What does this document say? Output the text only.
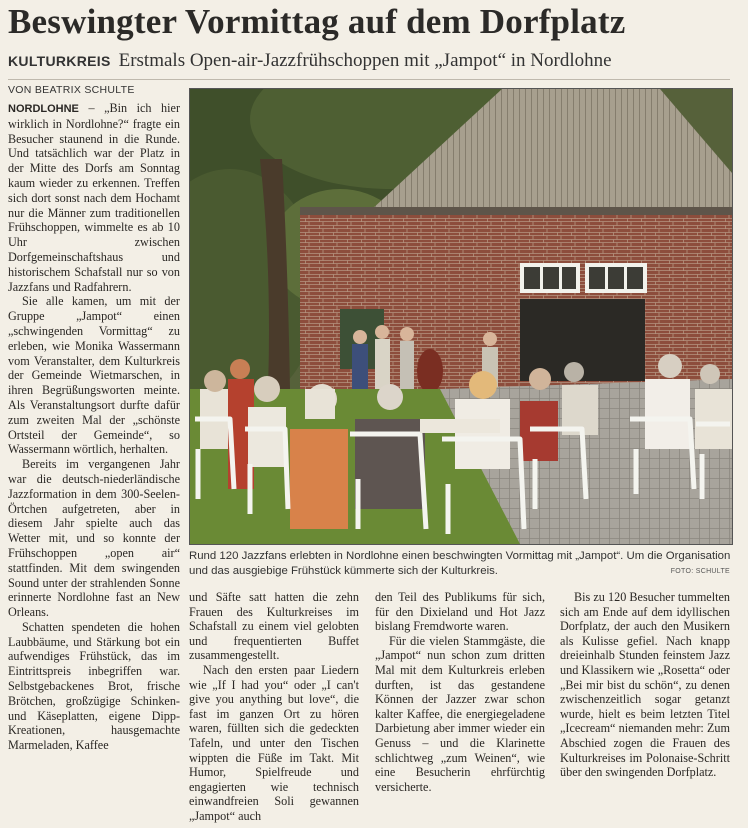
Beswingter Vormittag auf dem Dorfplatz
KULTURKREIS Erstmals Open-air-Jazzfrühschoppen mit „Jampot“ in Nordlohne
VON BEATRIX SCHULTE

NORDLOHNE – „Bin ich hier wirklich in Nordlohne?“ fragte ein Besucher staunend in die Runde. Und tatsächlich war der Platz in der Mitte des Dorfs am Sonntag kaum wieder zu erkennen. Treffen sich dort sonst nach dem Hochamt nur die Männer zum traditionellen Frühschoppen, wimmelte es ab 10 Uhr zwischen Dorfgemeinschaftshaus und historischem Schafstall nur so von Jazzfans und Radfahrern.

Sie alle kamen, um mit der Gruppe „Jampot“ einen „schwingenden Vormittag“ zu erleben, wie Monika Wassermann vom Veranstalter, dem Kulturkreis der Gemeinde Wietmarschen, in ihren Begrüßungsworten meinte. Als Veranstaltungsort durfte dafür zum zweiten Mal der „schönste Ortsteil der Gemeinde“, so Wassermann wörtlich, herhalten.

Bereits im vergangenen Jahr war die deutsch-niederländische Jazzformation in dem 300-Seelen-Örtchen aufgetreten, aber in diesem Jahr spielte auch das Wetter mit, und so konnte der Frühschoppen „open air“ stattfinden. Mit dem swingenden Sound unter der strahlenden Sonne erinnerte Nordlohne fast an New Orleans.

Schatten spendeten die hohen Laubbäume, und Stärkung bot ein aufwendiges Frühstück, das im Eintrittspreis inbegriffen war. Selbstgebackenes Brot, frische Brötchen, großzügige Schinken- und Käseplatten, eigene Dipp-Kreationen, hausgemachte Marmeladen, Kaffee

Rund 120 Jazzfans erlebten in Nordlohne einen beschwingten Vormittag mit „Jampot“. Um die Organisation und das ausgiebige Frühstück kümmerte sich der Kulturkreis.	FOTO: SCHULTE

und Säfte satt hatten die zehn Frauen des Kulturkreises im Schafstall zu einem viel gelobten und frequentierten Buffet zusammengestellt.

Nach den ersten paar Liedern wie „If I had you“ oder „I can't give you anything but love“, die fast im ganzen Ort zu hören waren, füllten sich die gedeckten Tafeln, und unter den Tischen wippten die Füße im Takt. Mit Humor, Spielfreude und engagierten wie technisch einwandfreien Soli gewannen „Jampot“ auch

den Teil des Publikums für sich, für den Dixieland und Hot Jazz bislang Fremdworte waren.

Für die vielen Stammgäste, die „Jampot“ nun schon zum dritten Mal mit dem Kulturkreis erleben durften, ist das gestandene Können der Jazzer zwar schon kalter Kaffee, die energiegeladene Darbietung aber immer wieder ein Genuss – und die Klarinette schlichtweg „zum Weinen“, wie eine Besucherin ehrfürchtig versicherte.

Bis zu 120 Besucher tummelten sich am Ende auf dem idyllischen Dorfplatz, der auch den Musikern als Kulisse gefiel. Nach knapp dreieinhalb Stunden feinstem Jazz und Klassikern wie „Rosetta“ oder „Bei mir bist du schön“, zu denen zwischenzeitlich sogar getanzt wurde, hielt es beim letzten Titel „Icecream“ niemanden mehr: Zum Abschied zogen die Frauen des Kulturkreises im Polonaise-Schritt über den swingenden Dorfplatz.
